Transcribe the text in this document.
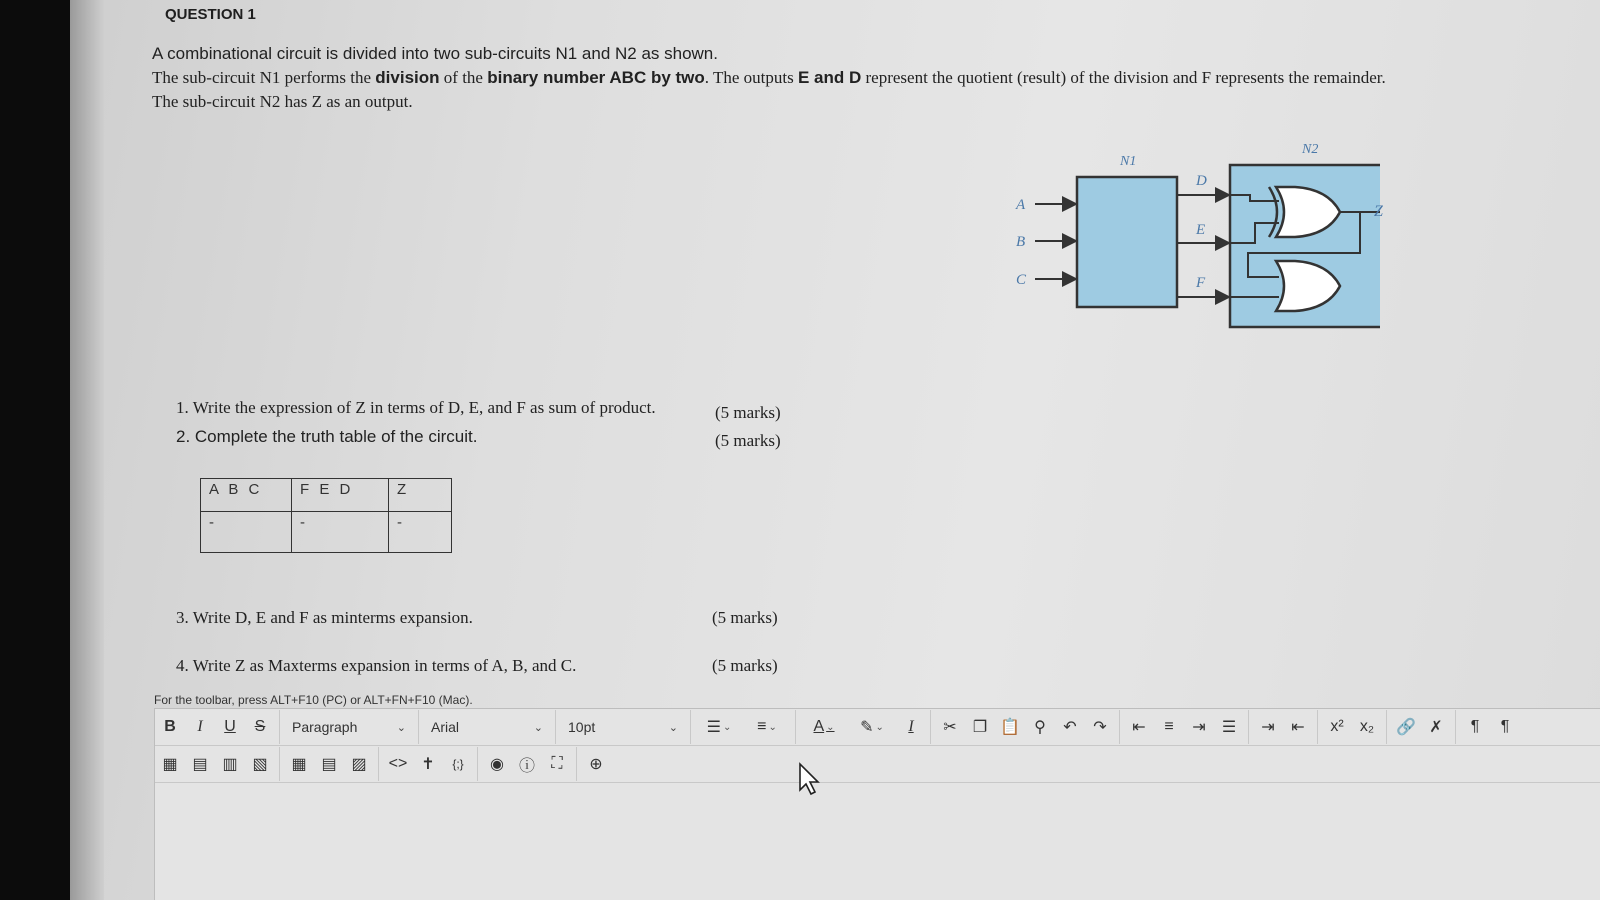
QUESTION 1
A combinational circuit is divided into two sub-circuits N1 and N2 as shown.
The sub-circuit N1 performs the division of the binary number ABC by two. The outputs E and D represent the quotient (result) of the division and F represents the remainder.
The sub-circuit N2 has Z as an output.
N1
N2
A
B
C
D
E
F
Z
1. Write the expression of Z in terms of D, E, and F as sum of product.	(5 marks)
2. Complete the truth table of the circuit.	(5 marks)
A B C	F E D	Z
-	-	-
3. Write D, E and F as minterms expansion.	(5 marks)
4. Write Z as Maxterms expansion in terms of A, B, and C.	(5 marks)
For the toolbar, press ALT+F10 (PC) or ALT+FN+F10 (Mac).
B	I	U	S	Paragraph	⌄ Arial	⌄ 10pt	⌄	☰ ⌄	≡ ⌄	A ⌄	✎ ⌄	I	✂	❐ 📋 ⚲	↶	↷	⇤	≡	⇥	☰	⇥	⇤	x²	x₂	🔗 ✗	¶	¶
▦ ▤ ▥ ▧	▦ ▤ ▨	<> ✝	{;}	◉ ⓘ	⛶	⊕
